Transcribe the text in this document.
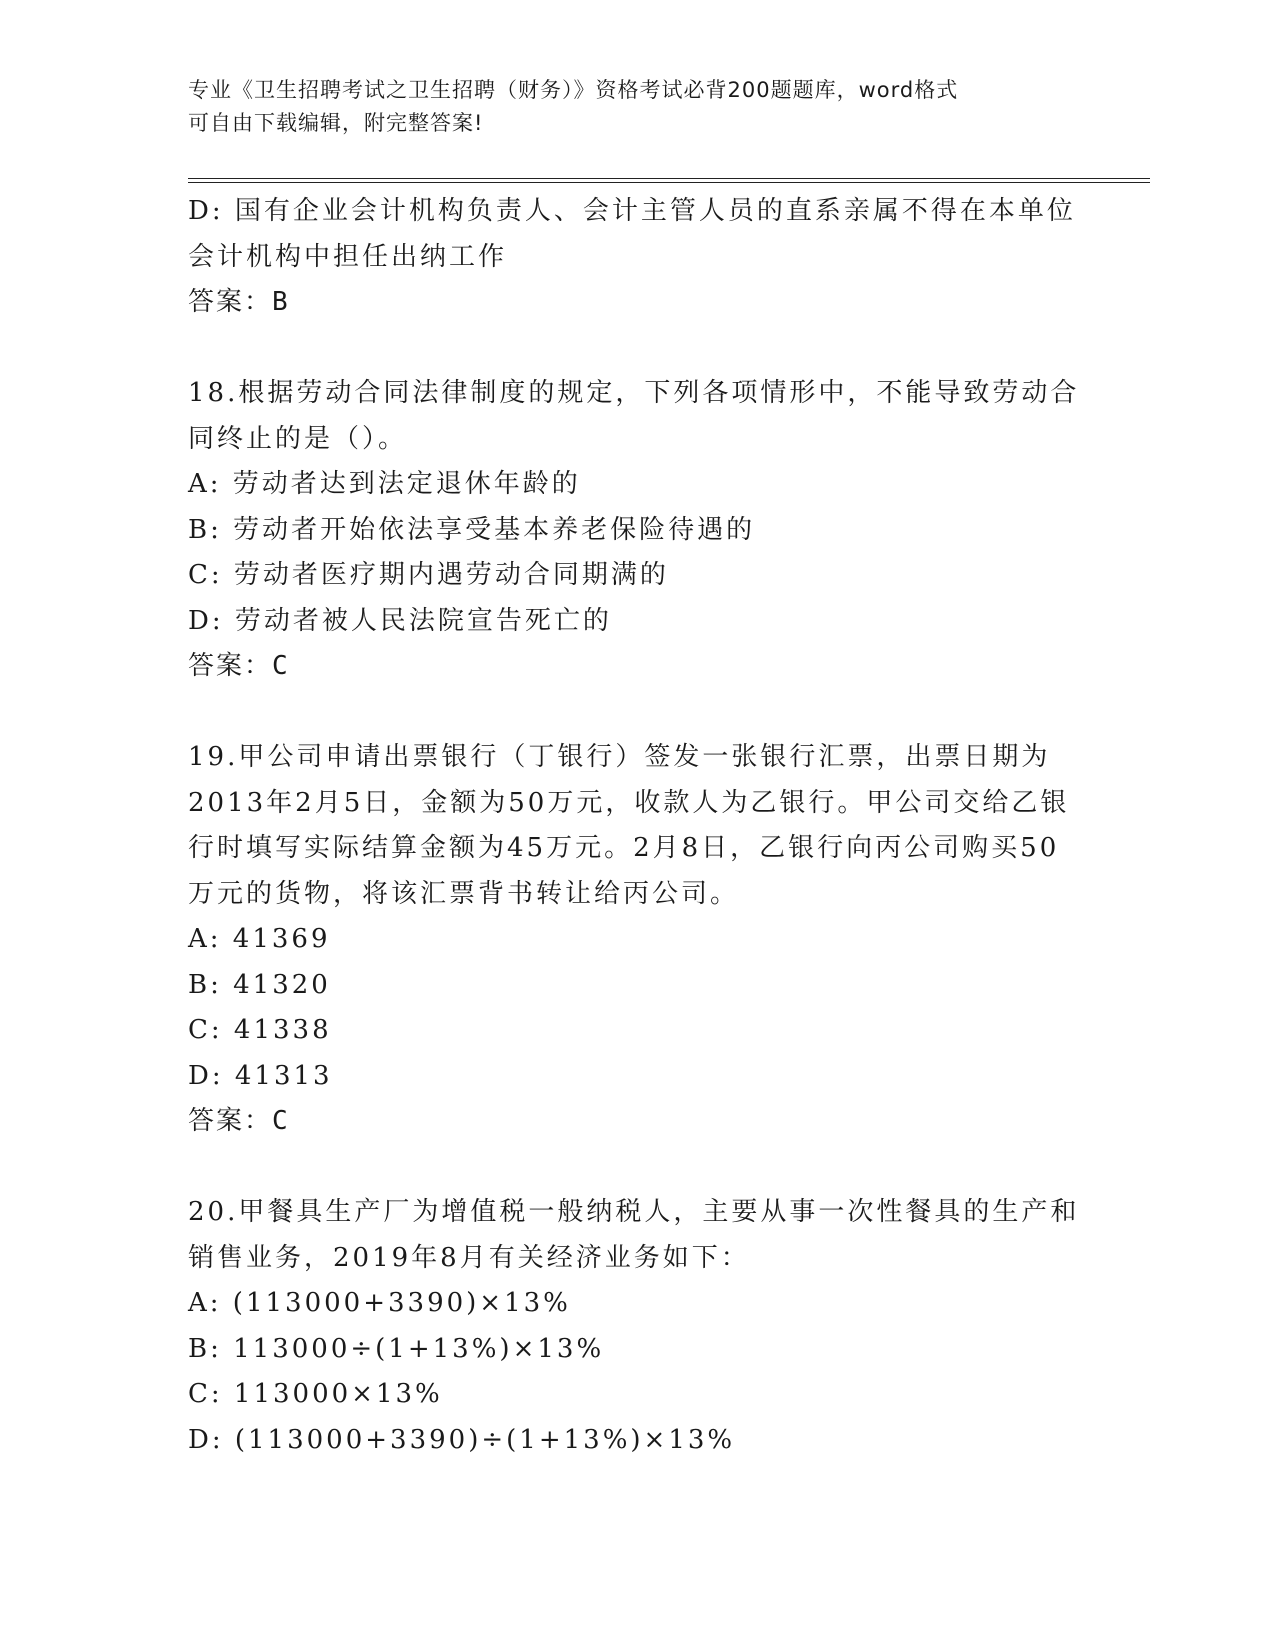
专业《卫生招聘考试之卫生招聘（财务）》资格考试必背200题题库，word格式
可自由下载编辑，附完整答案!
D: 国有企业会计机构负责人、会计主管人员的直系亲属不得在本单位
会计机构中担任出纳工作
答案：B
18.根据劳动合同法律制度的规定，下列各项情形中，不能导致劳动合
同终止的是（）。
A: 劳动者达到法定退休年龄的
B: 劳动者开始依法享受基本养老保险待遇的
C: 劳动者医疗期内遇劳动合同期满的
D: 劳动者被人民法院宣告死亡的
答案：C
19.甲公司申请出票银行（丁银行）签发一张银行汇票，出票日期为
2013年2月5日，金额为50万元，收款人为乙银行。甲公司交给乙银
行时填写实际结算金额为45万元。2月8日，乙银行向丙公司购买50
万元的货物，将该汇票背书转让给丙公司。
A: 41369
B: 41320
C: 41338
D: 41313
答案：C
20.甲餐具生产厂为增值税一般纳税人，主要从事一次性餐具的生产和
销售业务，2019年8月有关经济业务如下：
A: (113000+3390)×13%
B: 113000÷(1+13%)×13%
C: 113000×13%
D: (113000+3390)÷(1+13%)×13%
